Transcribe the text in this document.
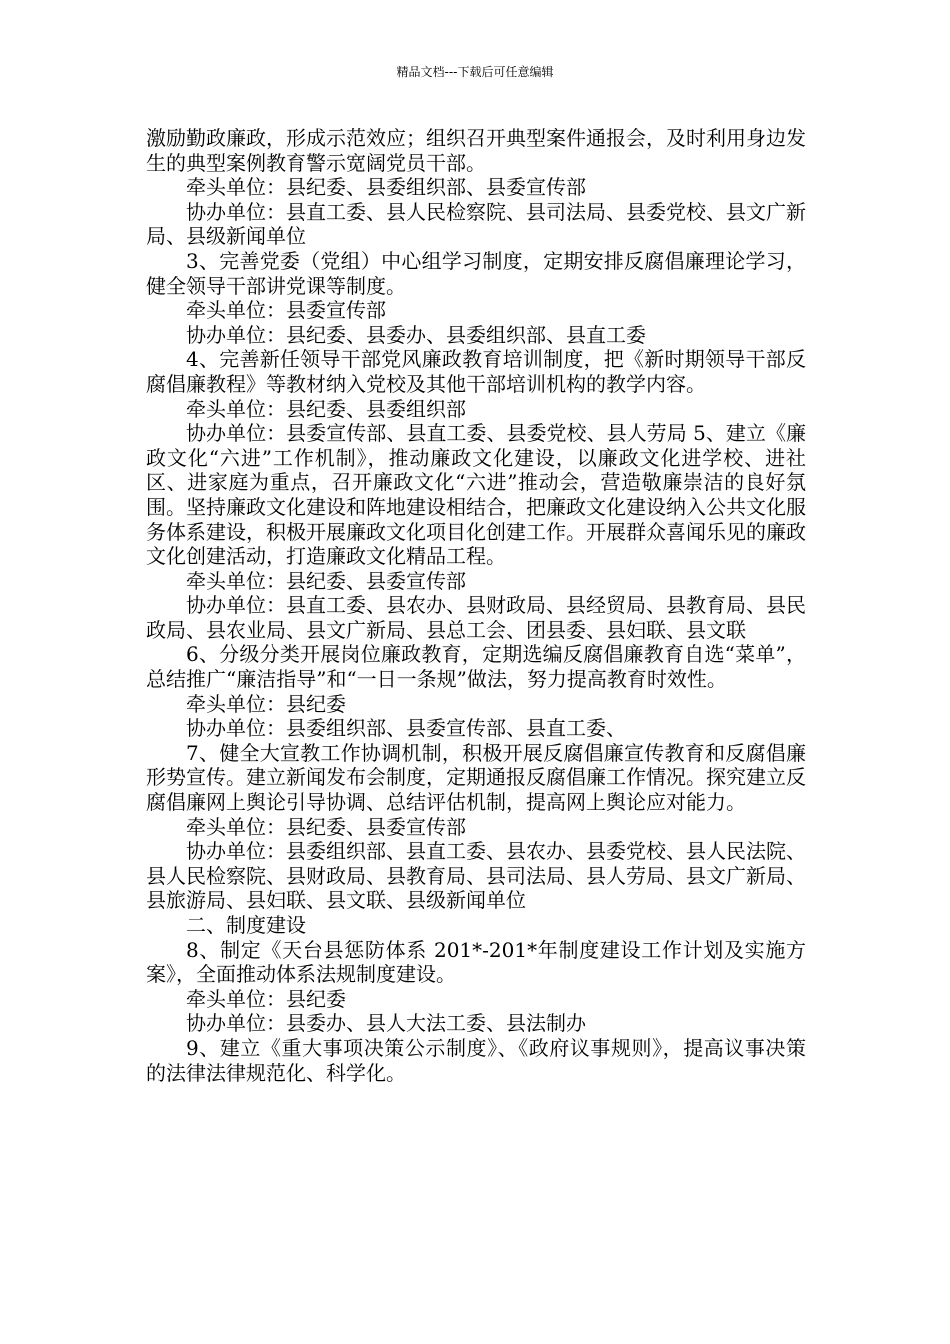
精品文档---下载后可任意编辑

激励勤政廉政，形成示范效应；组织召开典型案件通报会，及时利用身边发生的典型案例教育警示宽阔党员干部。

牵头单位：县纪委、县委组织部、县委宣传部

协办单位：县直工委、县人民检察院、县司法局、县委党校、县文广新局、县级新闻单位

3、完善党委（党组）中心组学习制度，定期安排反腐倡廉理论学习，健全领导干部讲党课等制度。

牵头单位：县委宣传部

协办单位：县纪委、县委办、县委组织部、县直工委

4、完善新任领导干部党风廉政教育培训制度，把《新时期领导干部反腐倡廉教程》等教材纳入党校及其他干部培训机构的教学内容。

牵头单位：县纪委、县委组织部

协办单位：县委宣传部、县直工委、县委党校、县人劳局 5、建立《廉政文化“六进”工作机制》，推动廉政文化建设，以廉政文化进学校、进社区、进家庭为重点，召开廉政文化“六进”推动会，营造敬廉崇洁的良好氛围。坚持廉政文化建设和阵地建设相结合，把廉政文化建设纳入公共文化服务体系建设，积极开展廉政文化项目化创建工作。开展群众喜闻乐见的廉政文化创建活动，打造廉政文化精品工程。

牵头单位：县纪委、县委宣传部

协办单位：县直工委、县农办、县财政局、县经贸局、县教育局、县民政局、县农业局、县文广新局、县总工会、团县委、县妇联、县文联

6、分级分类开展岗位廉政教育，定期选编反腐倡廉教育自选“菜单”，总结推广“廉洁指导”和“一日一条规”做法，努力提高教育时效性。

牵头单位：县纪委

协办单位：县委组织部、县委宣传部、县直工委、

7、健全大宣教工作协调机制，积极开展反腐倡廉宣传教育和反腐倡廉形势宣传。建立新闻发布会制度，定期通报反腐倡廉工作情况。探究建立反腐倡廉网上舆论引导协调、总结评估机制，提高网上舆论应对能力。

牵头单位：县纪委、县委宣传部

协办单位：县委组织部、县直工委、县农办、县委党校、县人民法院、县人民检察院、县财政局、县教育局、县司法局、县人劳局、县文广新局、县旅游局、县妇联、县文联、县级新闻单位

二、制度建设

8、制定《天台县惩防体系 201*-201*年制度建设工作计划及实施方案》，全面推动体系法规制度建设。

牵头单位：县纪委

协办单位：县委办、县人大法工委、县法制办

9、建立《重大事项决策公示制度》、《政府议事规则》，提高议事决策的法律法律规范化、科学化。
